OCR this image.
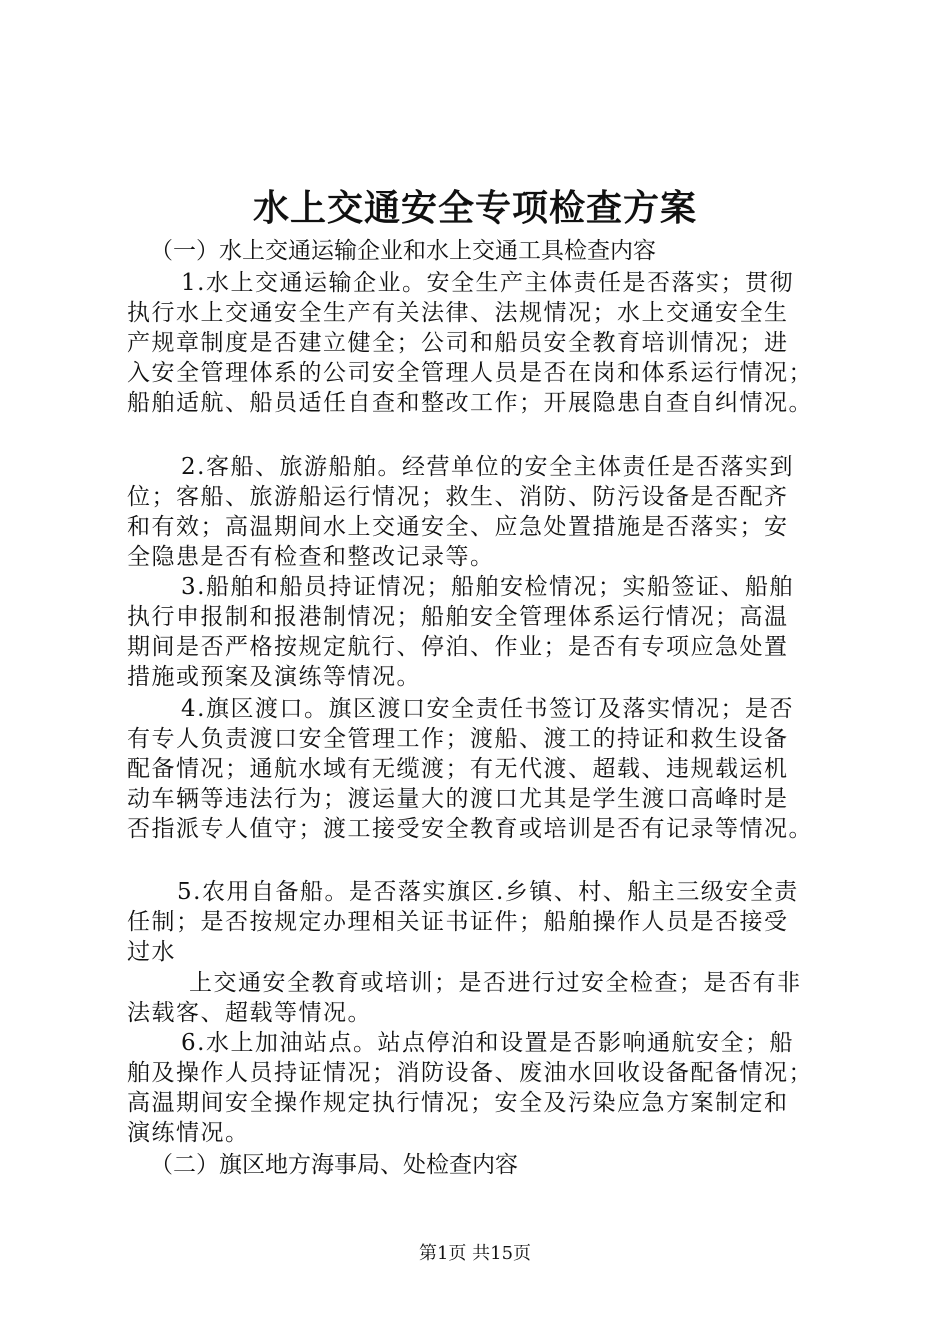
水上交通安全专项检查方案
（一）水上交通运输企业和水上交通工具检查内容
1.水上交通运输企业。安全生产主体责任是否落实；贯彻
执行水上交通安全生产有关法律、法规情况；水上交通安全生
产规章制度是否建立健全；公司和船员安全教育培训情况；进
入安全管理体系的公司安全管理人员是否在岗和体系运行情况；
船舶适航、船员适任自查和整改工作；开展隐患自查自纠情况。
2.客船、旅游船舶。经营单位的安全主体责任是否落实到
位；客船、旅游船运行情况；救生、消防、防污设备是否配齐
和有效；高温期间水上交通安全、应急处置措施是否落实；安
全隐患是否有检查和整改记录等。
3.船舶和船员持证情况；船舶安检情况；实船签证、船舶
执行申报制和报港制情况；船舶安全管理体系运行情况；高温
期间是否严格按规定航行、停泊、作业；是否有专项应急处置
措施或预案及演练等情况。
4.旗区渡口。旗区渡口安全责任书签订及落实情况；是否
有专人负责渡口安全管理工作；渡船、渡工的持证和救生设备
配备情况；通航水域有无缆渡；有无代渡、超载、违规载运机
动车辆等违法行为；渡运量大的渡口尤其是学生渡口高峰时是
否指派专人值守；渡工接受安全教育或培训是否有记录等情况。
5.农用自备船。是否落实旗区.乡镇、村、船主三级安全责
任制；是否按规定办理相关证书证件；船舶操作人员是否接受
过水
上交通安全教育或培训；是否进行过安全检查；是否有非
法载客、超载等情况。
6.水上加油站点。站点停泊和设置是否影响通航安全；船
舶及操作人员持证情况；消防设备、废油水回收设备配备情况；
高温期间安全操作规定执行情况；安全及污染应急方案制定和
演练情况。
（二）旗区地方海事局、处检查内容
第1页 共15页
